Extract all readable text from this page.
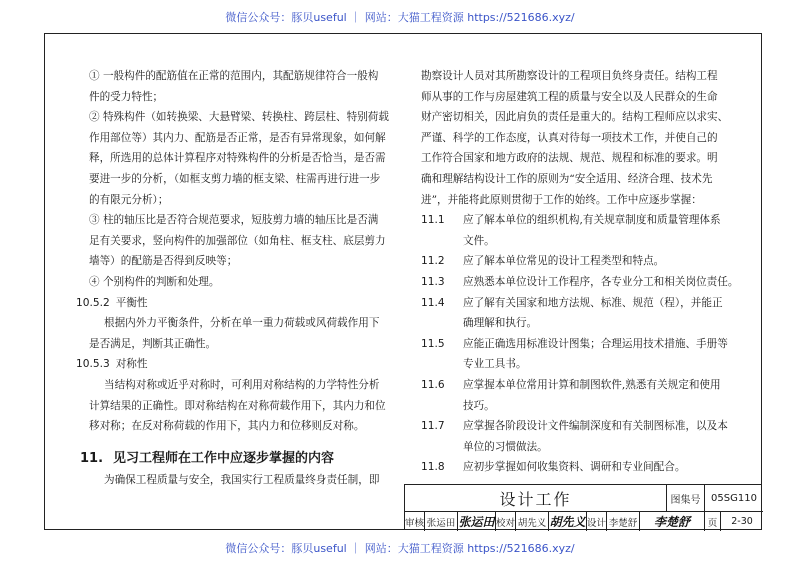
微信公众号：豚贝useful ｜ 网站：大猫工程资源 https://521686.xyz/

① 一般构件的配筋值在正常的范围内，其配筋规律符合一般构

件的受力特性；

② 特殊构件（如转换梁、大悬臂梁、转换柱、跨层柱、特别荷载

作用部位等）其内力、配筋是否正常，是否有异常现象，如何解

释，所选用的总体计算程序对特殊构件的分析是否恰当，是否需

要进一步的分析，（如框支剪力墙的框支梁、柱需再进行进一步

的有限元分析）；

③ 柱的轴压比是否符合规范要求，短肢剪力墙的轴压比是否满

足有关要求，竖向构件的加强部位（如角柱、框支柱、底层剪力

墙等）的配筋是否得到反映等；

④ 个别构件的判断和处理。

10.5.2 平衡性

根据内外力平衡条件，分析在单一重力荷载或风荷载作用下

是否满足，判断其正确性。

10.5.3 对称性

当结构对称或近乎对称时，可利用对称结构的力学特性分析

计算结果的正确性。即对称结构在对称荷载作用下，其内力和位

移对称；在反对称荷载的作用下，其内力和位移则反对称。

11. 见习工程师在工作中应逐步掌握的内容

为确保工程质量与安全，我国实行工程质量终身责任制，即

勘察设计人员对其所勘察设计的工程项目负终身责任。结构工程

师从事的工作与房屋建筑工程的质量与安全以及人民群众的生命

财产密切相关，因此肩负的责任是重大的。结构工程师应以求实、

严谨、科学的工作态度，认真对待每一项技术工作，并使自己的

工作符合国家和地方政府的法规、规范、规程和标准的要求。明

确和理解结构设计工作的原则为“安全适用、经济合理、技术先

进”，并能将此原则贯彻于工作的始终。工作中应逐步掌握：

11.1 应了解本单位的组织机构,有关规章制度和质量管理体系

文件。

11.2 应了解本单位常见的设计工程类型和特点。

11.3 应熟悉本单位设计工作程序，各专业分工和相关岗位责任。

11.4 应了解有关国家和地方法规、标准、规范（程），并能正

确理解和执行。

11.5 应能正确选用标准设计图集；合理运用技术措施、手册等

专业工具书。

11.6 应掌握本单位常用计算和制图软件,熟悉有关规定和使用

技巧。

11.7 应掌握各阶段设计文件编制深度和有关制图标准，以及本

单位的习惯做法。

11.8 应初步掌握如何收集资料、调研和专业间配合。

设计工作	图集号	05SG110
审核 张运田 张运田 校对 胡先义 胡先义 设计 李楚舒	李楚舒	页	2-30
微信公众号：豚贝useful ｜ 网站：大猫工程资源 https://521686.xyz/
